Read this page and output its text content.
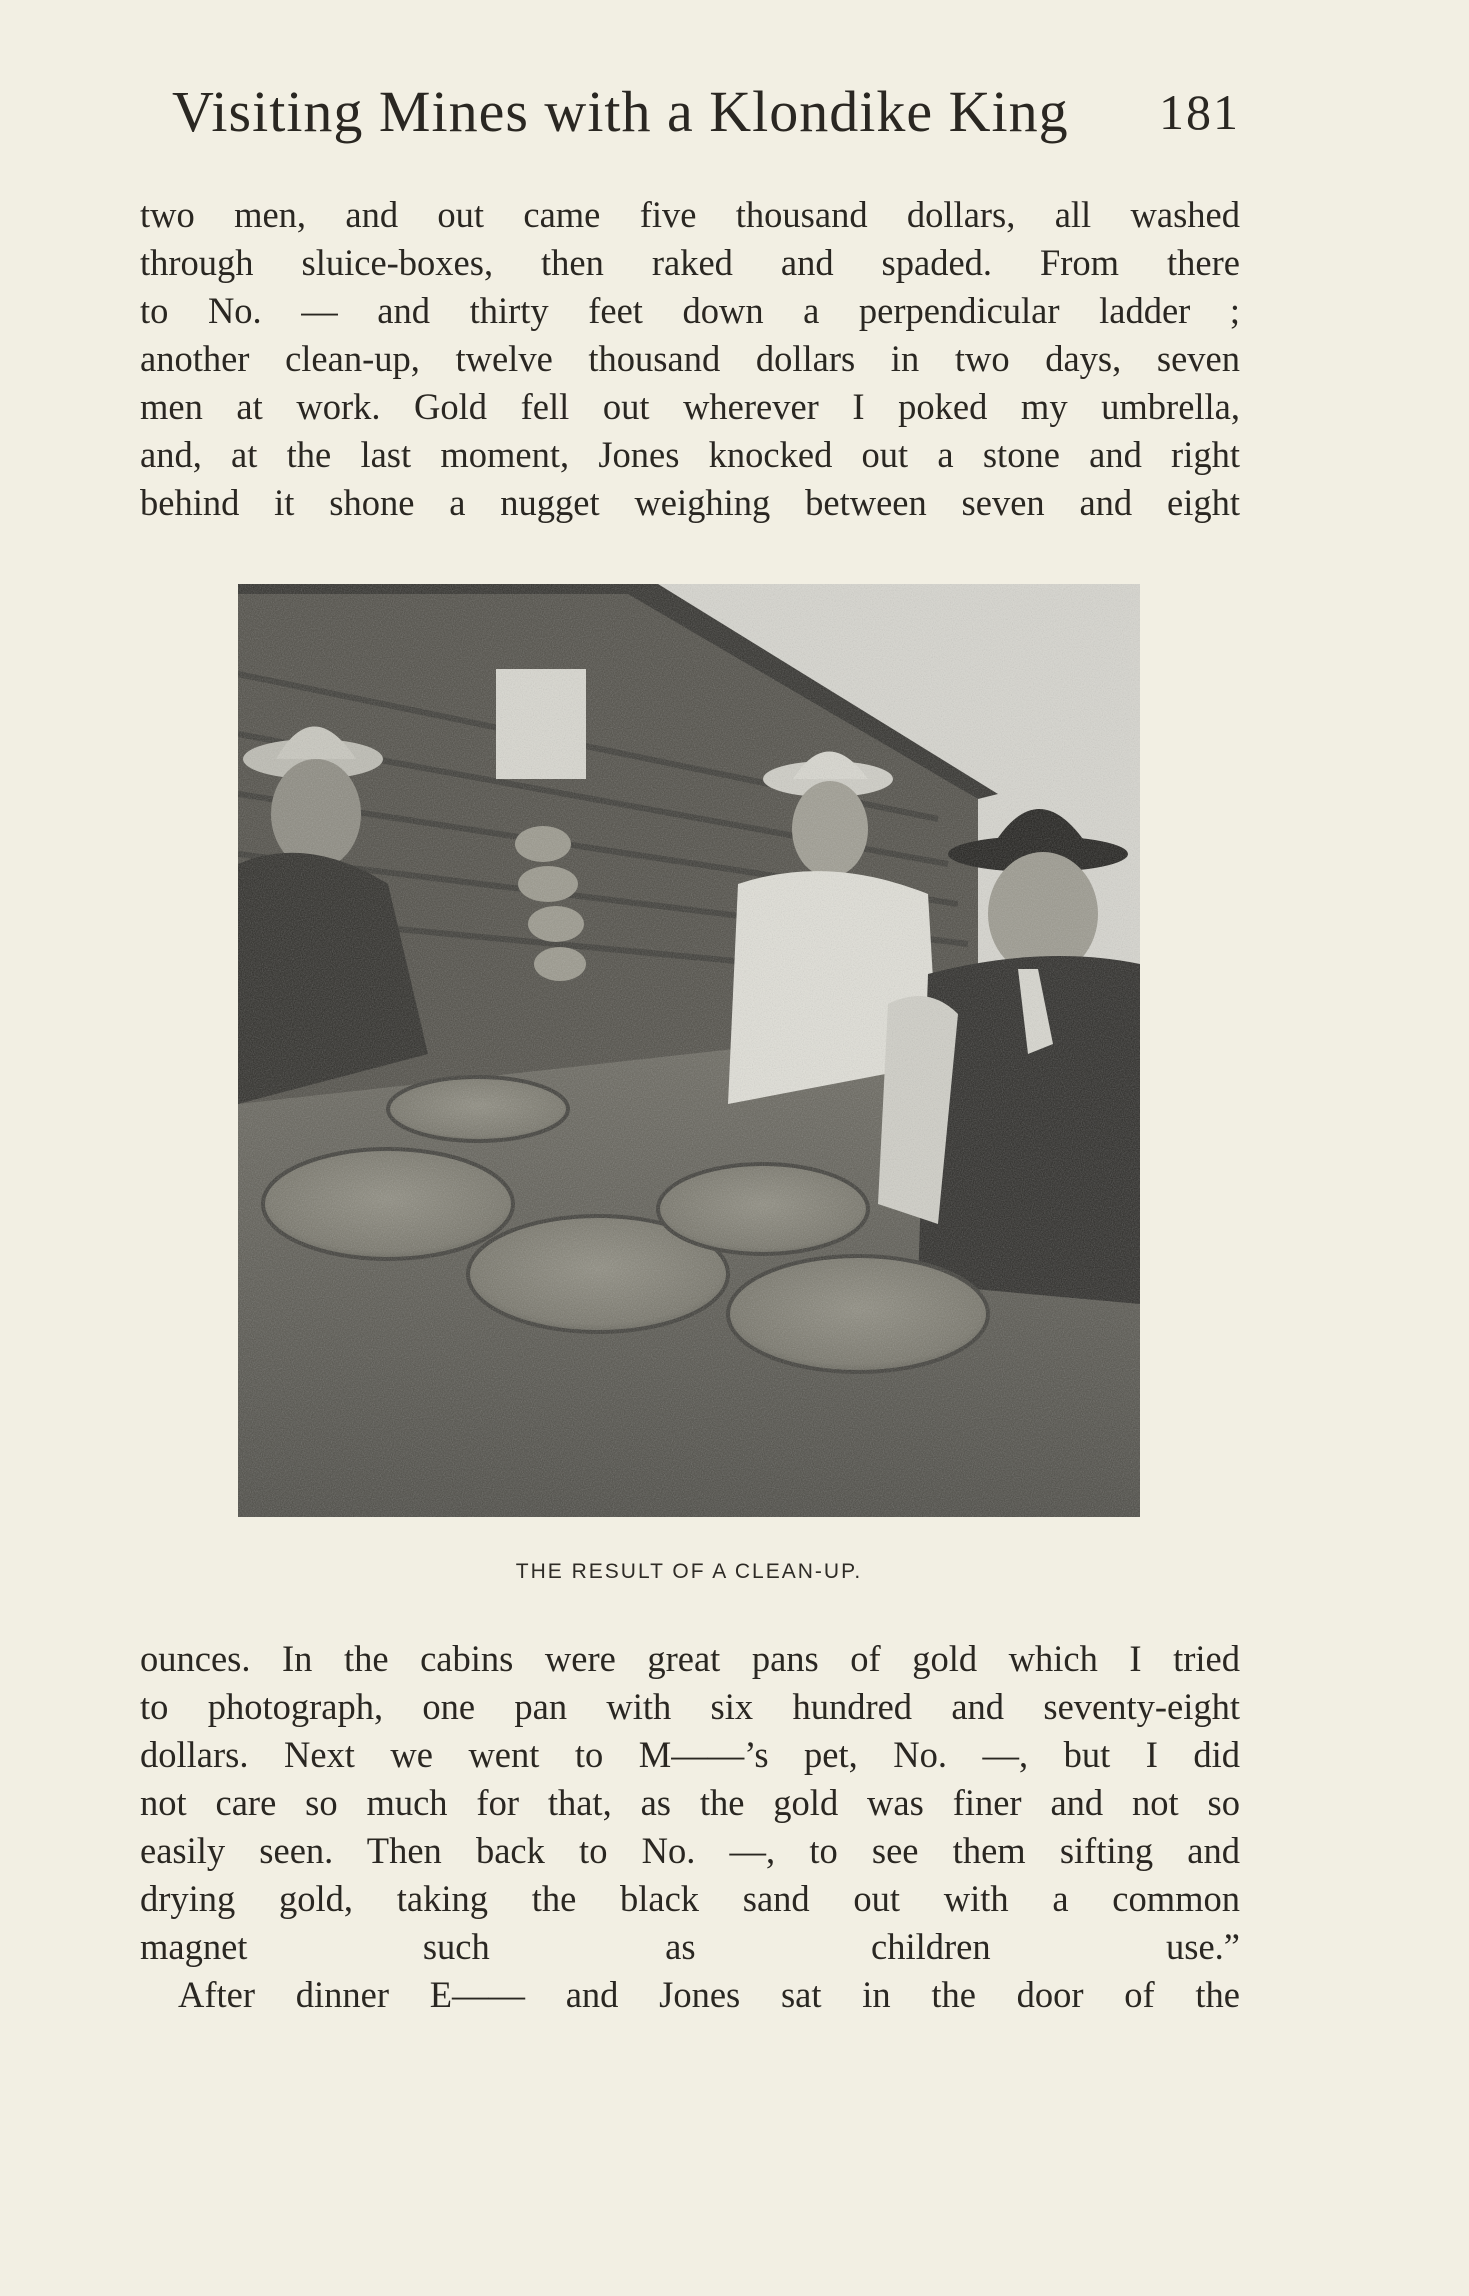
Visiting Mines with a Klondike King 181

two men, and out came five thousand dollars, all washed

through sluice-boxes, then raked and spaded. From there

to No. — and thirty feet down a perpendicular ladder ;

another clean-up, twelve thousand dollars in two days, seven

men at work. Gold fell out wherever I poked my umbrella,

and, at the last moment, Jones knocked out a stone and right

behind it shone a nugget weighing between seven and eight

THE RESULT OF A CLEAN-UP.

ounces. In the cabins were great pans of gold which I tried

to photograph, one pan with six hundred and seventy-eight

dollars. Next we went to M——’s pet, No. —, but I did

not care so much for that, as the gold was finer and not so

easily seen. Then back to No. —, to see them sifting and

drying gold, taking the black sand out with a common

magnet such as children use.”

After dinner E—— and Jones sat in the door of the
